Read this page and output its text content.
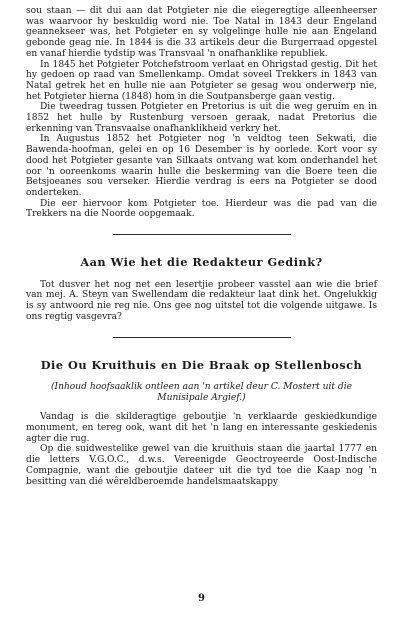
sou staan — dit dui aan dat Potgieter nie die eiegeregtige alleenheerser was waarvoor hy beskuldig word nie. Toe Natal in 1843 deur Engeland geannekseer was, het Potgieter en sy volgelinge hulle nie aan Engeland gebonde geag nie. In 1844 is die 33 artikels deur die Burgerraad opgestel en vanaf hierdie tydstip was Transvaal 'n onafhanklike republiek.

In 1845 het Potgieter Potchefstroom verlaat en Ohrigstad gestig. Dit het hy gedoen op raad van Smellenkamp. Omdat soveel Trekkers in 1843 van Natal getrek het en hulle nie aan Potgieter se gesag wou onderwerp nie, het Potgieter hierna (1848) hom in die Soutpansberge gaan vestig.

Die tweedrag tussen Potgieter en Pretorius is uit die weg geruim en in 1852 het hulle by Rustenburg versoen geraak, nadat Pretorius die erkenning van Transvaalse onafhanklikheid verkry het.

In Augustus 1852 het Potgieter nog 'n veldtog teen Sekwati, die Bawenda-hoofman, gelei en op 16 Desember is hy oorlede. Kort voor sy dood het Potgieter gesante van Silkaats ontvang wat kom onderhandel het oor 'n ooreenkoms waarin hulle die beskerming van die Boere teen die Betsjoeanes sou verseker. Hierdie verdrag is eers na Potgieter se dood onderteken.

Die eer hiervoor kom Potgieter toe. Hierdeur was die pad van die Trekkers na die Noorde oopgemaak.

Aan Wie het die Redakteur Gedink?

Tot dusver het nog net een lesertjie probeer vasstel aan wie die brief van mej. A. Steyn van Swellendam die redakteur laat dink het. Ongelukkig is sy antwoord nie reg nie. Ons gee nog uitstel tot die volgende uitgawe. Is ons regtig vasgevra?

Die Ou Kruithuis en Die Braak op Stellenbosch
(Inhoud hoofsaaklik ontleen aan 'n artikel deur C. Mostert uit die Munisipale Argief.)

Vandag is die skilderagtige geboutjie 'n verklaarde geskiedkundige monument, en tereg ook, want dit het 'n lang en interessante geskiedenis agter die rug.

Op die suidwestelike gewel van die kruithuis staan die jaartal 1777 en die letters V.G.O.C., d.w.s. Vereenigde Geoctroyeerde Oost-Indische Compagnie, want die geboutjie dateer uit die tyd toe die Kaap nog 'n besitting van dié wêreldberoemde handelsmaatskappy

9
